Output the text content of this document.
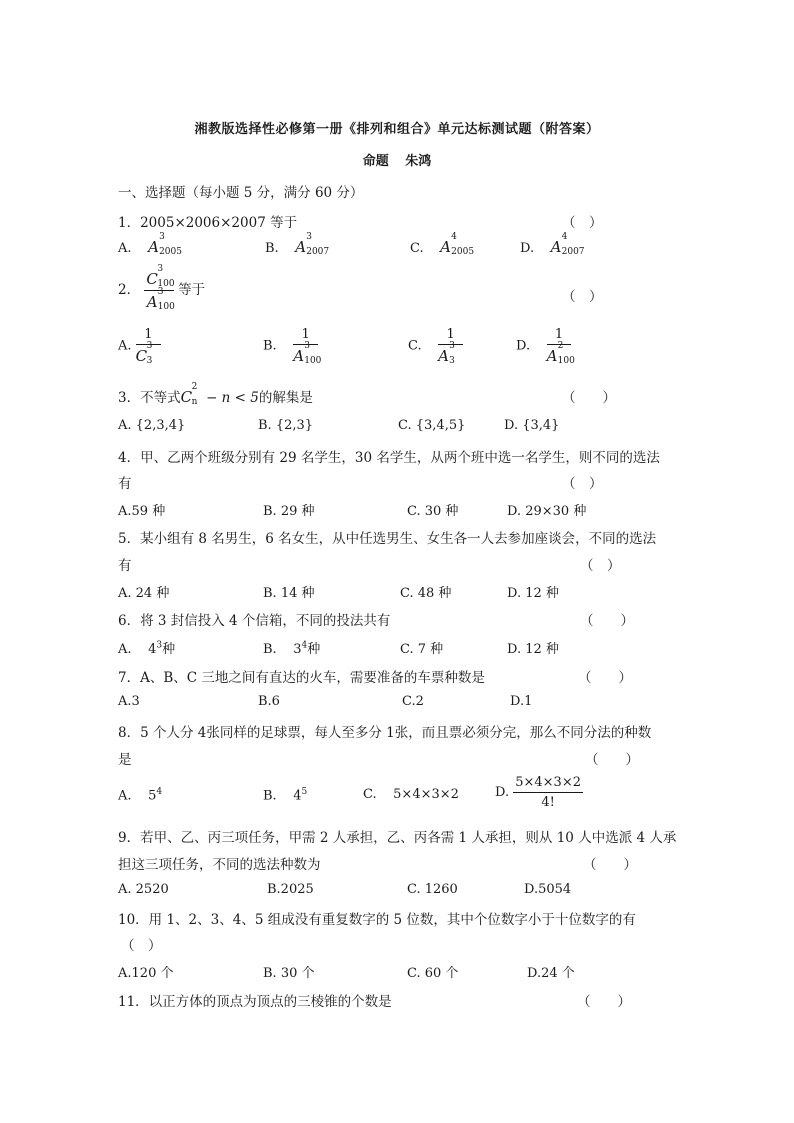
湘教版选择性必修第一册《排列和组合》单元达标测试题（附答案）
命题 朱鸿
一、选择题（每小题 5 分，满分 60 分）
1．2005×2006×2007 等于	（　）
A. A
3
2005	B. A
3
2007	C. A
4
2005	D. A
4
2007
2． C
3
100
A
3
100 等于	（　）
A. 1
C
3
3	B. 1
A
3
100	C. 1
A
3
3	D. 1
A
2
100
3．不等式C
2
n − n < 5的解集是	（　　）
A. {2,3,4}	B. {2,3}	C. {3,4,5}	D. {3,4}
4．甲、乙两个班级分别有 29 名学生，30 名学生，从两个班中选一名学生，则不同的选法
有	（　）
A.59 种	B. 29 种	C. 30 种	D. 29×30 种
5．某小组有 8 名男生，6 名女生，从中任选男生、女生各一人去参加座谈会，不同的选法
有	（　）
A. 24 种	B. 14 种	C. 48 种	D. 12 种
6．将 3 封信投入 4 个信箱，不同的投法共有	（　　）
A. $4^3$种	B. $3^4$种	C. 7 种	D. 12 种
7．A、B、C 三地之间有直达的火车，需要准备的车票种数是	（　　）
A.3	B.6	C.2	D.1
8．5 个人分 4张同样的足球票，每人至多分 1张，而且票必须分完，那么不同分法的种数
是	（　　）
A. $5^4$	B. $4^5$	C. 5×4×3×2	D. $\frac{5\times 4\times 3\times 2}{4!}$
9．若甲、乙、丙三项任务，甲需 2 人承担，乙、丙各需 1 人承担，则从 10 人中选派 4 人承
担这三项任务，不同的选法种数为	（　　）
A. 2520	B.2025	C. 1260	D.5054
10．用 1、2、3、4、5 组成没有重复数字的 5 位数，其中个位数字小于十位数字的有
（　）
A.120 个	B. 30 个	C. 60 个	D.24 个
11．以正方体的顶点为顶点的三棱锥的个数是	（　　）
